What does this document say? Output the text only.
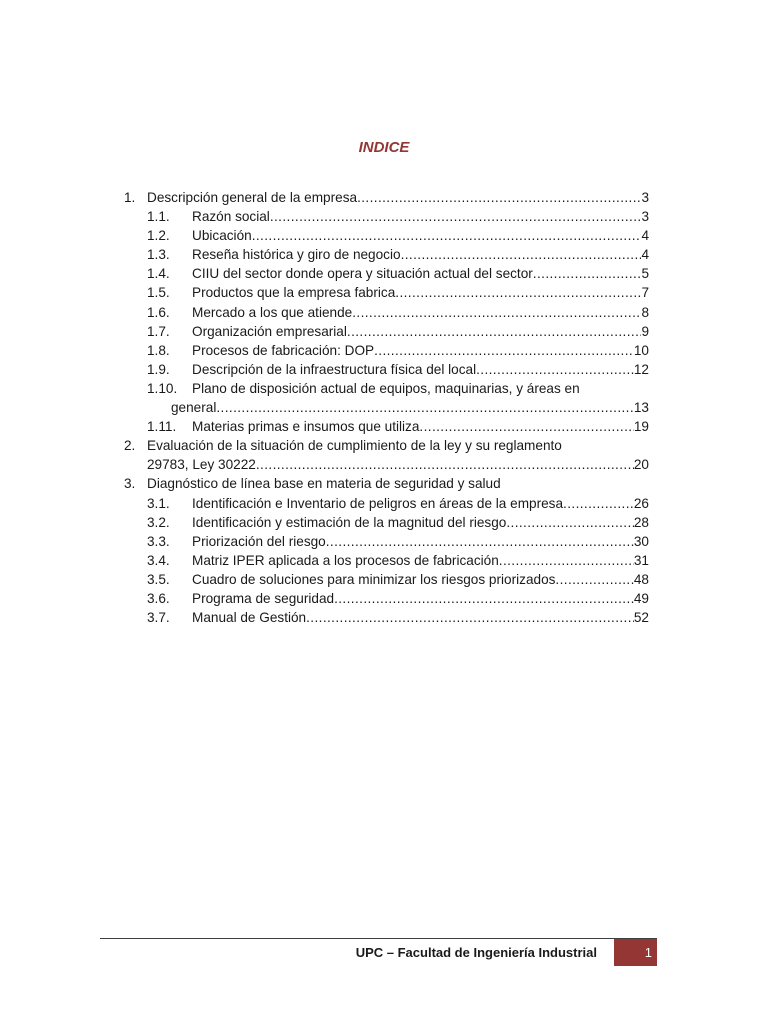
INDICE
1. Descripción general de la empresa .....	3
1.1.	Razón social .....	3
1.2.	Ubicación .....	4
1.3.	Reseña histórica y giro de negocio .....	4
1.4.	CIIU del sector donde opera y situación actual del sector .....	5
1.5.	Productos que la empresa fabrica .....	7
1.6.	Mercado a los que atiende .....	8
1.7.	Organización empresarial .....	9
1.8.	Procesos de fabricación: DOP .....	10
1.9.	Descripción de la infraestructura física del local .....	12
1.10.	Plano de disposición actual de equipos, maquinarias, y áreas en
general .....	13
1.11.	Materias primas e insumos que utiliza .....	19
2. Evaluación de la situación de cumplimiento de la ley y su reglamento
29783, Ley 30222 .....	20
3. Diagnóstico de línea base en materia de seguridad y salud
3.1.	Identificación e Inventario de peligros en áreas de la empresa .....	26
3.2.	Identificación y estimación de la magnitud del riesgo .....	28
3.3.	Priorización del riesgo .....	30
3.4.	Matriz IPER aplicada a los procesos de fabricación .....	31
3.5.	Cuadro de soluciones para minimizar los riesgos priorizados .....	48
3.6.	Programa de seguridad .....	49
3.7.	Manual de Gestión .....	52
UPC – Facultad de Ingeniería Industrial	1
